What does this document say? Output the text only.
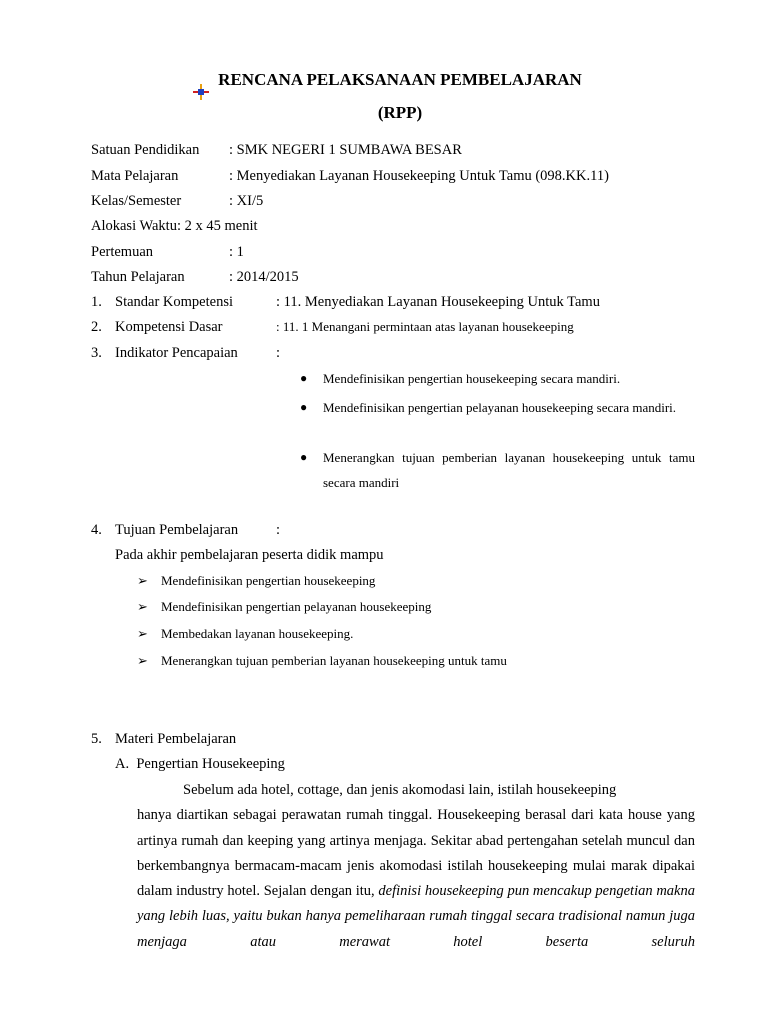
RENCANA PELAKSANAAN PEMBELAJARAN
(RPP)
Satuan Pendidikan : SMK NEGERI 1 SUMBAWA BESAR
Mata Pelajaran	: Menyediakan Layanan Housekeeping Untuk Tamu (098.KK.11)
Kelas/Semester	: XI/5
Alokasi Waktu: 2 x 45 menit
Pertemuan	: 1
Tahun Pelajaran	: 2014/2015
1. Standar Kompetensi	: 11. Menyediakan Layanan Housekeeping Untuk Tamu
2. Kompetensi Dasar	: 11. 1 Menangani permintaan atas layanan housekeeping
3. Indikator Pencapaian	:
● Mendefinisikan pengertian housekeeping secara mandiri.
● Mendefinisikan pengertian pelayanan housekeeping secara mandiri.
● Menerangkan tujuan pemberian layanan housekeeping untuk tamu secara mandiri
4. Tujuan Pembelajaran	:
Pada akhir pembelajaran peserta didik mampu
➢ Mendefinisikan pengertian housekeeping
➢ Mendefinisikan pengertian pelayanan housekeeping
➢ Membedakan layanan housekeeping.
➢ Menerangkan tujuan pemberian layanan housekeeping untuk tamu
5. Materi Pembelajaran
A.  Pengertian Housekeeping

Sebelum ada hotel, cottage, dan jenis akomodasi lain, istilah housekeeping

hanya diartikan sebagai perawatan rumah tinggal. Housekeeping berasal dari kata house yang artinya rumah dan keeping yang artinya menjaga. Sekitar abad pertengahan setelah muncul dan berkembangnya bermacam-macam jenis akomodasi istilah housekeeping mulai marak dipakai dalam industry hotel. Sejalan dengan itu, definisi housekeeping pun mencakup pengetian makna yang lebih luas, yaitu bukan hanya pemeliharaan rumah tinggal secara tradisional namun juga menjaga atau merawat hotel beserta seluruh
